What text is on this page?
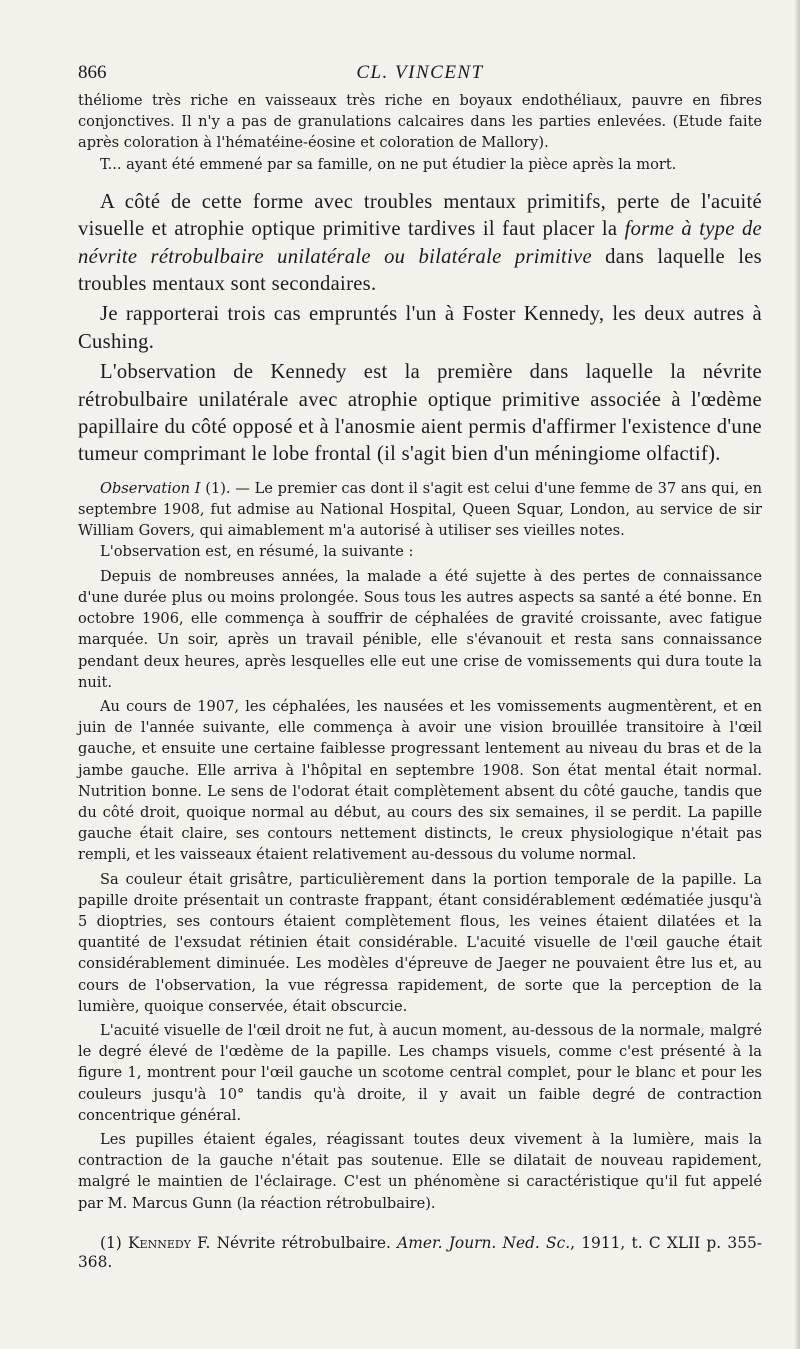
866	CL. VINCENT

théliome très riche en vaisseaux très riche en boyaux endothéliaux, pauvre en fibres conjonctives. Il n'y a pas de granulations calcaires dans les parties enlevées. (Etude faite après coloration à l'hématéine-éosine et coloration de Mallory).

T... ayant été emmené par sa famille, on ne put étudier la pièce après la mort.

A côté de cette forme avec troubles mentaux primitifs, perte de l'acuité visuelle et atrophie optique primitive tardives il faut placer la forme à type de névrite rétrobulbaire unilatérale ou bilatérale primitive dans laquelle les troubles mentaux sont secondaires.

Je rapporterai trois cas empruntés l'un à Foster Kennedy, les deux autres à Cushing.

L'observation de Kennedy est la première dans laquelle la névrite rétrobulbaire unilatérale avec atrophie optique primitive associée à l'œdème papillaire du côté opposé et à l'anosmie aient permis d'affirmer l'existence d'une tumeur comprimant le lobe frontal (il s'agit bien d'un méningiome olfactif).

Observation I (1). — Le premier cas dont il s'agit est celui d'une femme de 37 ans qui, en septembre 1908, fut admise au National Hospital, Queen Squar, London, au service de sir William Govers, qui aimablement m'a autorisé à utiliser ses vieilles notes.

L'observation est, en résumé, la suivante :

Depuis de nombreuses années, la malade a été sujette à des pertes de connaissance d'une durée plus ou moins prolongée. Sous tous les autres aspects sa santé a été bonne. En octobre 1906, elle commença à souffrir de céphalées de gravité croissante, avec fatigue marquée. Un soir, après un travail pénible, elle s'évanouit et resta sans connaissance pendant deux heures, après lesquelles elle eut une crise de vomissements qui dura toute la nuit.

Au cours de 1907, les céphalées, les nausées et les vomissements augmentèrent, et en juin de l'année suivante, elle commença à avoir une vision brouillée transitoire à l'œil gauche, et ensuite une certaine faiblesse progressant lentement au niveau du bras et de la jambe gauche. Elle arriva à l'hôpital en septembre 1908. Son état mental était normal. Nutrition bonne. Le sens de l'odorat était complètement absent du côté gauche, tandis que du côté droit, quoique normal au début, au cours des six semaines, il se perdit. La papille gauche était claire, ses contours nettement distincts, le creux physiologique n'était pas rempli, et les vaisseaux étaient relativement au-dessous du volume normal.

Sa couleur était grisâtre, particulièrement dans la portion temporale de la papille. La papille droite présentait un contraste frappant, étant considérablement œdématiée jusqu'à 5 dioptries, ses contours étaient complètement flous, les veines étaient dilatées et la quantité de l'exsudat rétinien était considérable. L'acuité visuelle de l'œil gauche était considérablement diminuée. Les modèles d'épreuve de Jaeger ne pouvaient être lus et, au cours de l'observation, la vue régressa rapidement, de sorte que la perception de la lumière, quoique conservée, était obscurcie.

L'acuité visuelle de l'œil droit ne fut, à aucun moment, au-dessous de la normale, malgré le degré élevé de l'œdème de la papille. Les champs visuels, comme c'est présenté à la figure 1, montrent pour l'œil gauche un scotome central complet, pour le blanc et pour les couleurs jusqu'à 10° tandis qu'à droite, il y avait un faible degré de contraction concentrique général.

Les pupilles étaient égales, réagissant toutes deux vivement à la lumière, mais la contraction de la gauche n'était pas soutenue. Elle se dilatait de nouveau rapidement, malgré le maintien de l'éclairage. C'est un phénomène si caractéristique qu'il fut appelé par M. Marcus Gunn (la réaction rétrobulbaire).

(1) Kennedy F. Névrite rétrobulbaire. Amer. Journ. Ned. Sc., 1911, t. C XLII p. 355-368.
